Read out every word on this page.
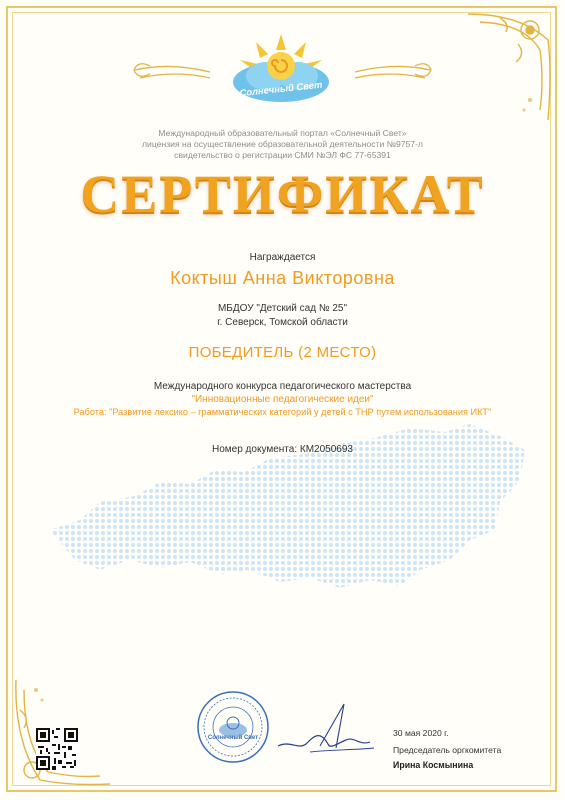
Солнечный Свет
Международный образовательный портал «Солнечный Свет»
лицензия на осуществление образовательной деятельности №9757-л
свидетельство о регистрации СМИ №ЭЛ ФС 77-65391
СЕРТИФИКАТ
Награждается
Коктыш Анна Викторовна
МБДОУ "Детский сад № 25"
г. Северск, Томской области
ПОБЕДИТЕЛЬ (2 МЕСТО)
Международного конкурса педагогического мастерства
"Инновационные педагогические идеи"
Работа: "Развитие лексико – грамматических категорий у детей с ТНР путем использования ИКТ"
Номер документа: КМ2050693
Солнечный Свет	30 мая 2020 г.
Председатель оргкомитета
Ирина Космынина
